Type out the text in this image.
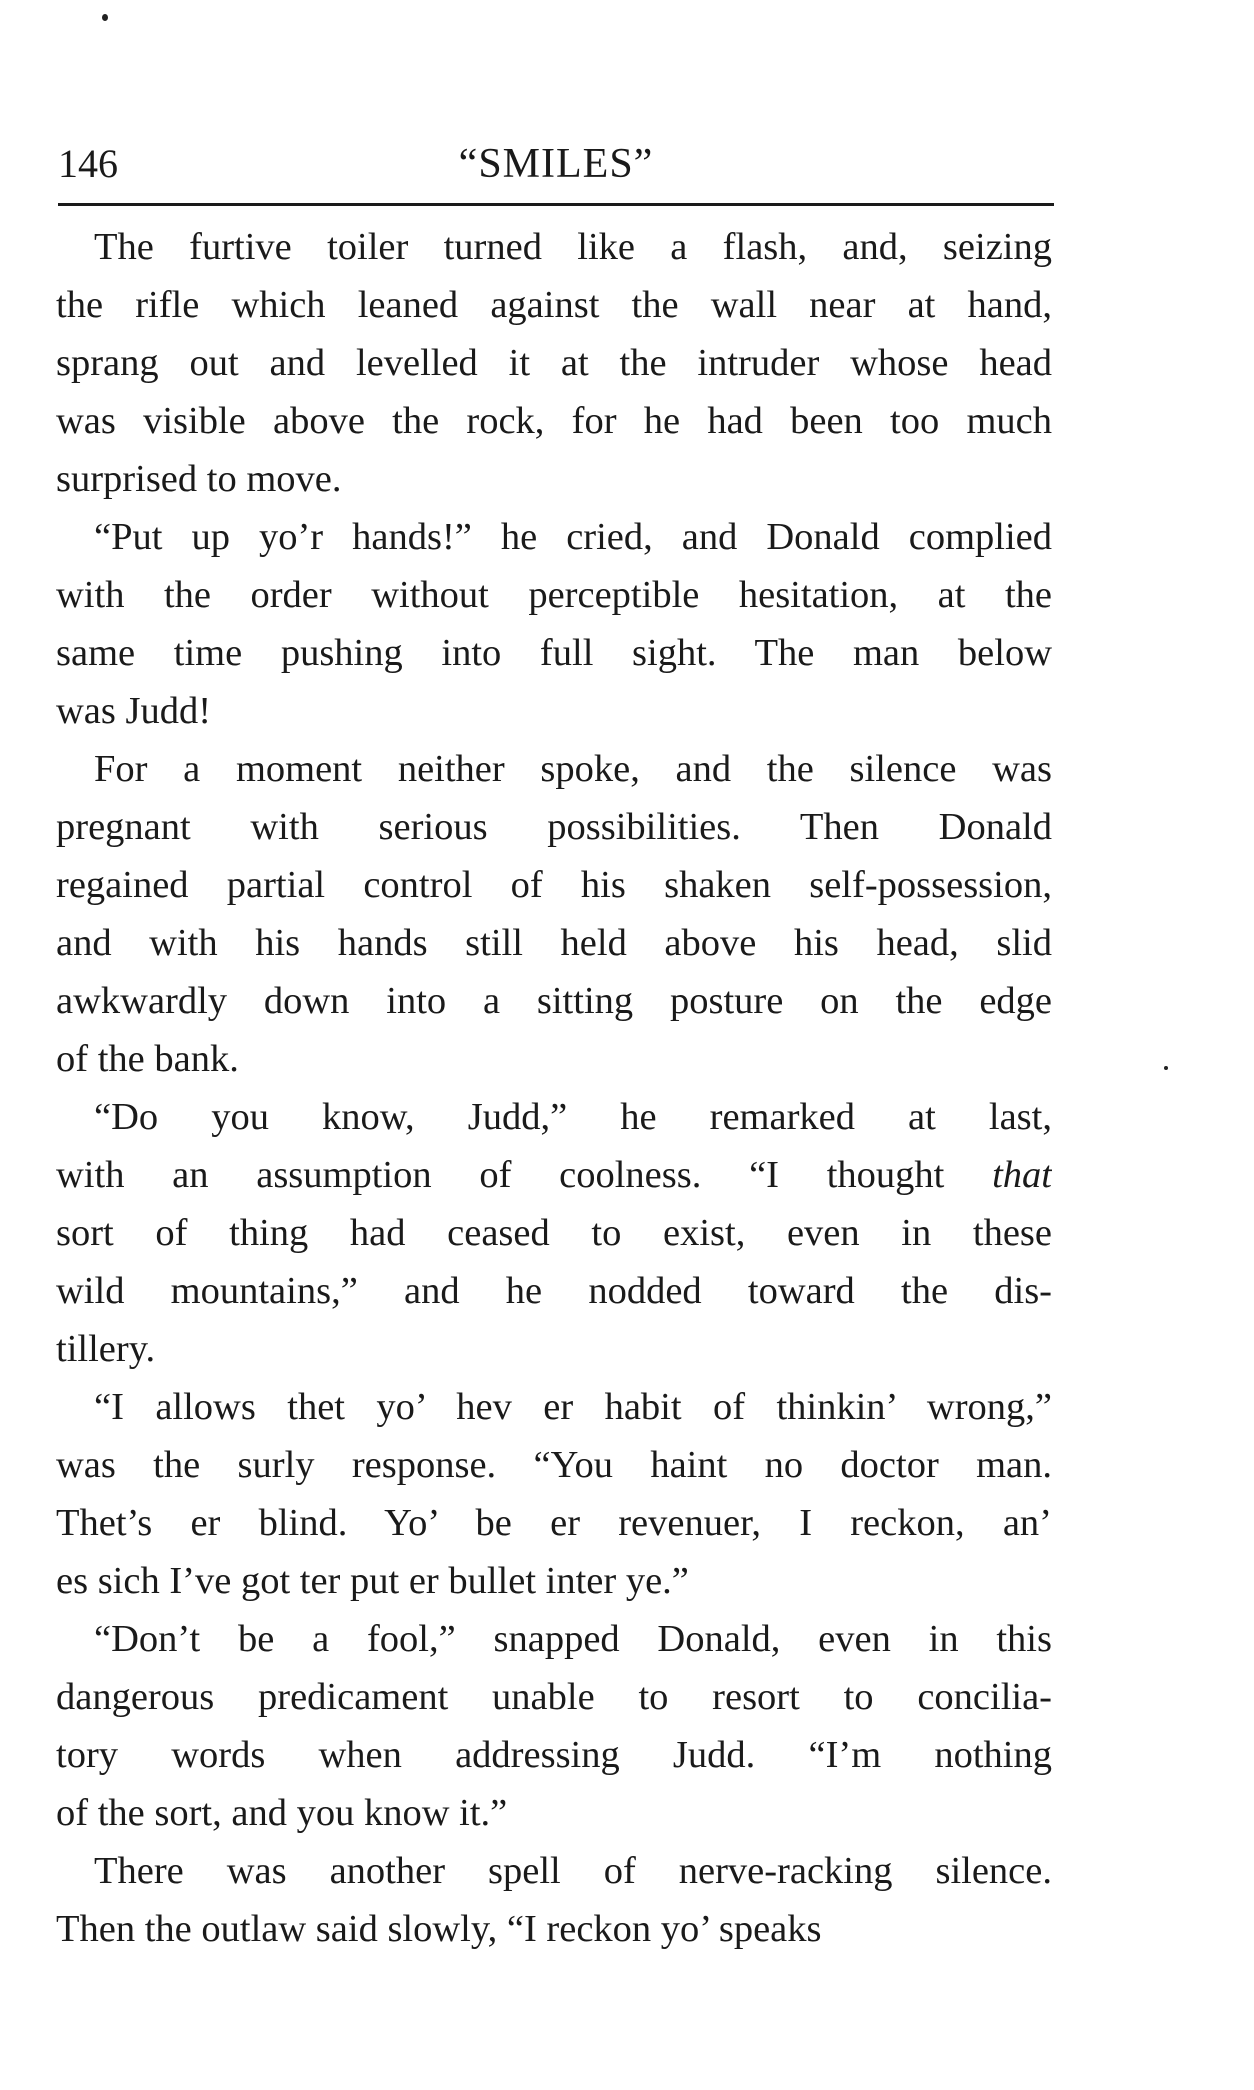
146	“SMILES”
The furtive toiler turned like a flash, and, seizing
the rifle which leaned against the wall near at hand,
sprang out and levelled it at the intruder whose head
was visible above the rock, for he had been too much
surprised to move.
“Put up yo’r hands!” he cried, and Donald complied
with the order without perceptible hesitation, at the
same time pushing into full sight. The man below
was Judd!
For a moment neither spoke, and the silence was
pregnant with serious possibilities. Then Donald
regained partial control of his shaken self-possession,
and with his hands still held above his head, slid
awkwardly down into a sitting posture on the edge
of the bank.
“Do you know, Judd,” he remarked at last,
with an assumption of coolness. “I thought that
sort of thing had ceased to exist, even in these
wild mountains,” and he nodded toward the dis-
tillery.
“I allows thet yo’ hev er habit of thinkin’ wrong,”
was the surly response. “You haint no doctor man.
Thet’s er blind. Yo’ be er revenuer, I reckon, an’
es sich I’ve got ter put er bullet inter ye.”
“Don’t be a fool,” snapped Donald, even in this
dangerous predicament unable to resort to concilia-
tory words when addressing Judd. “I’m nothing
of the sort, and you know it.”
There was another spell of nerve-racking silence.
Then the outlaw said slowly, “I reckon yo’ speaks
